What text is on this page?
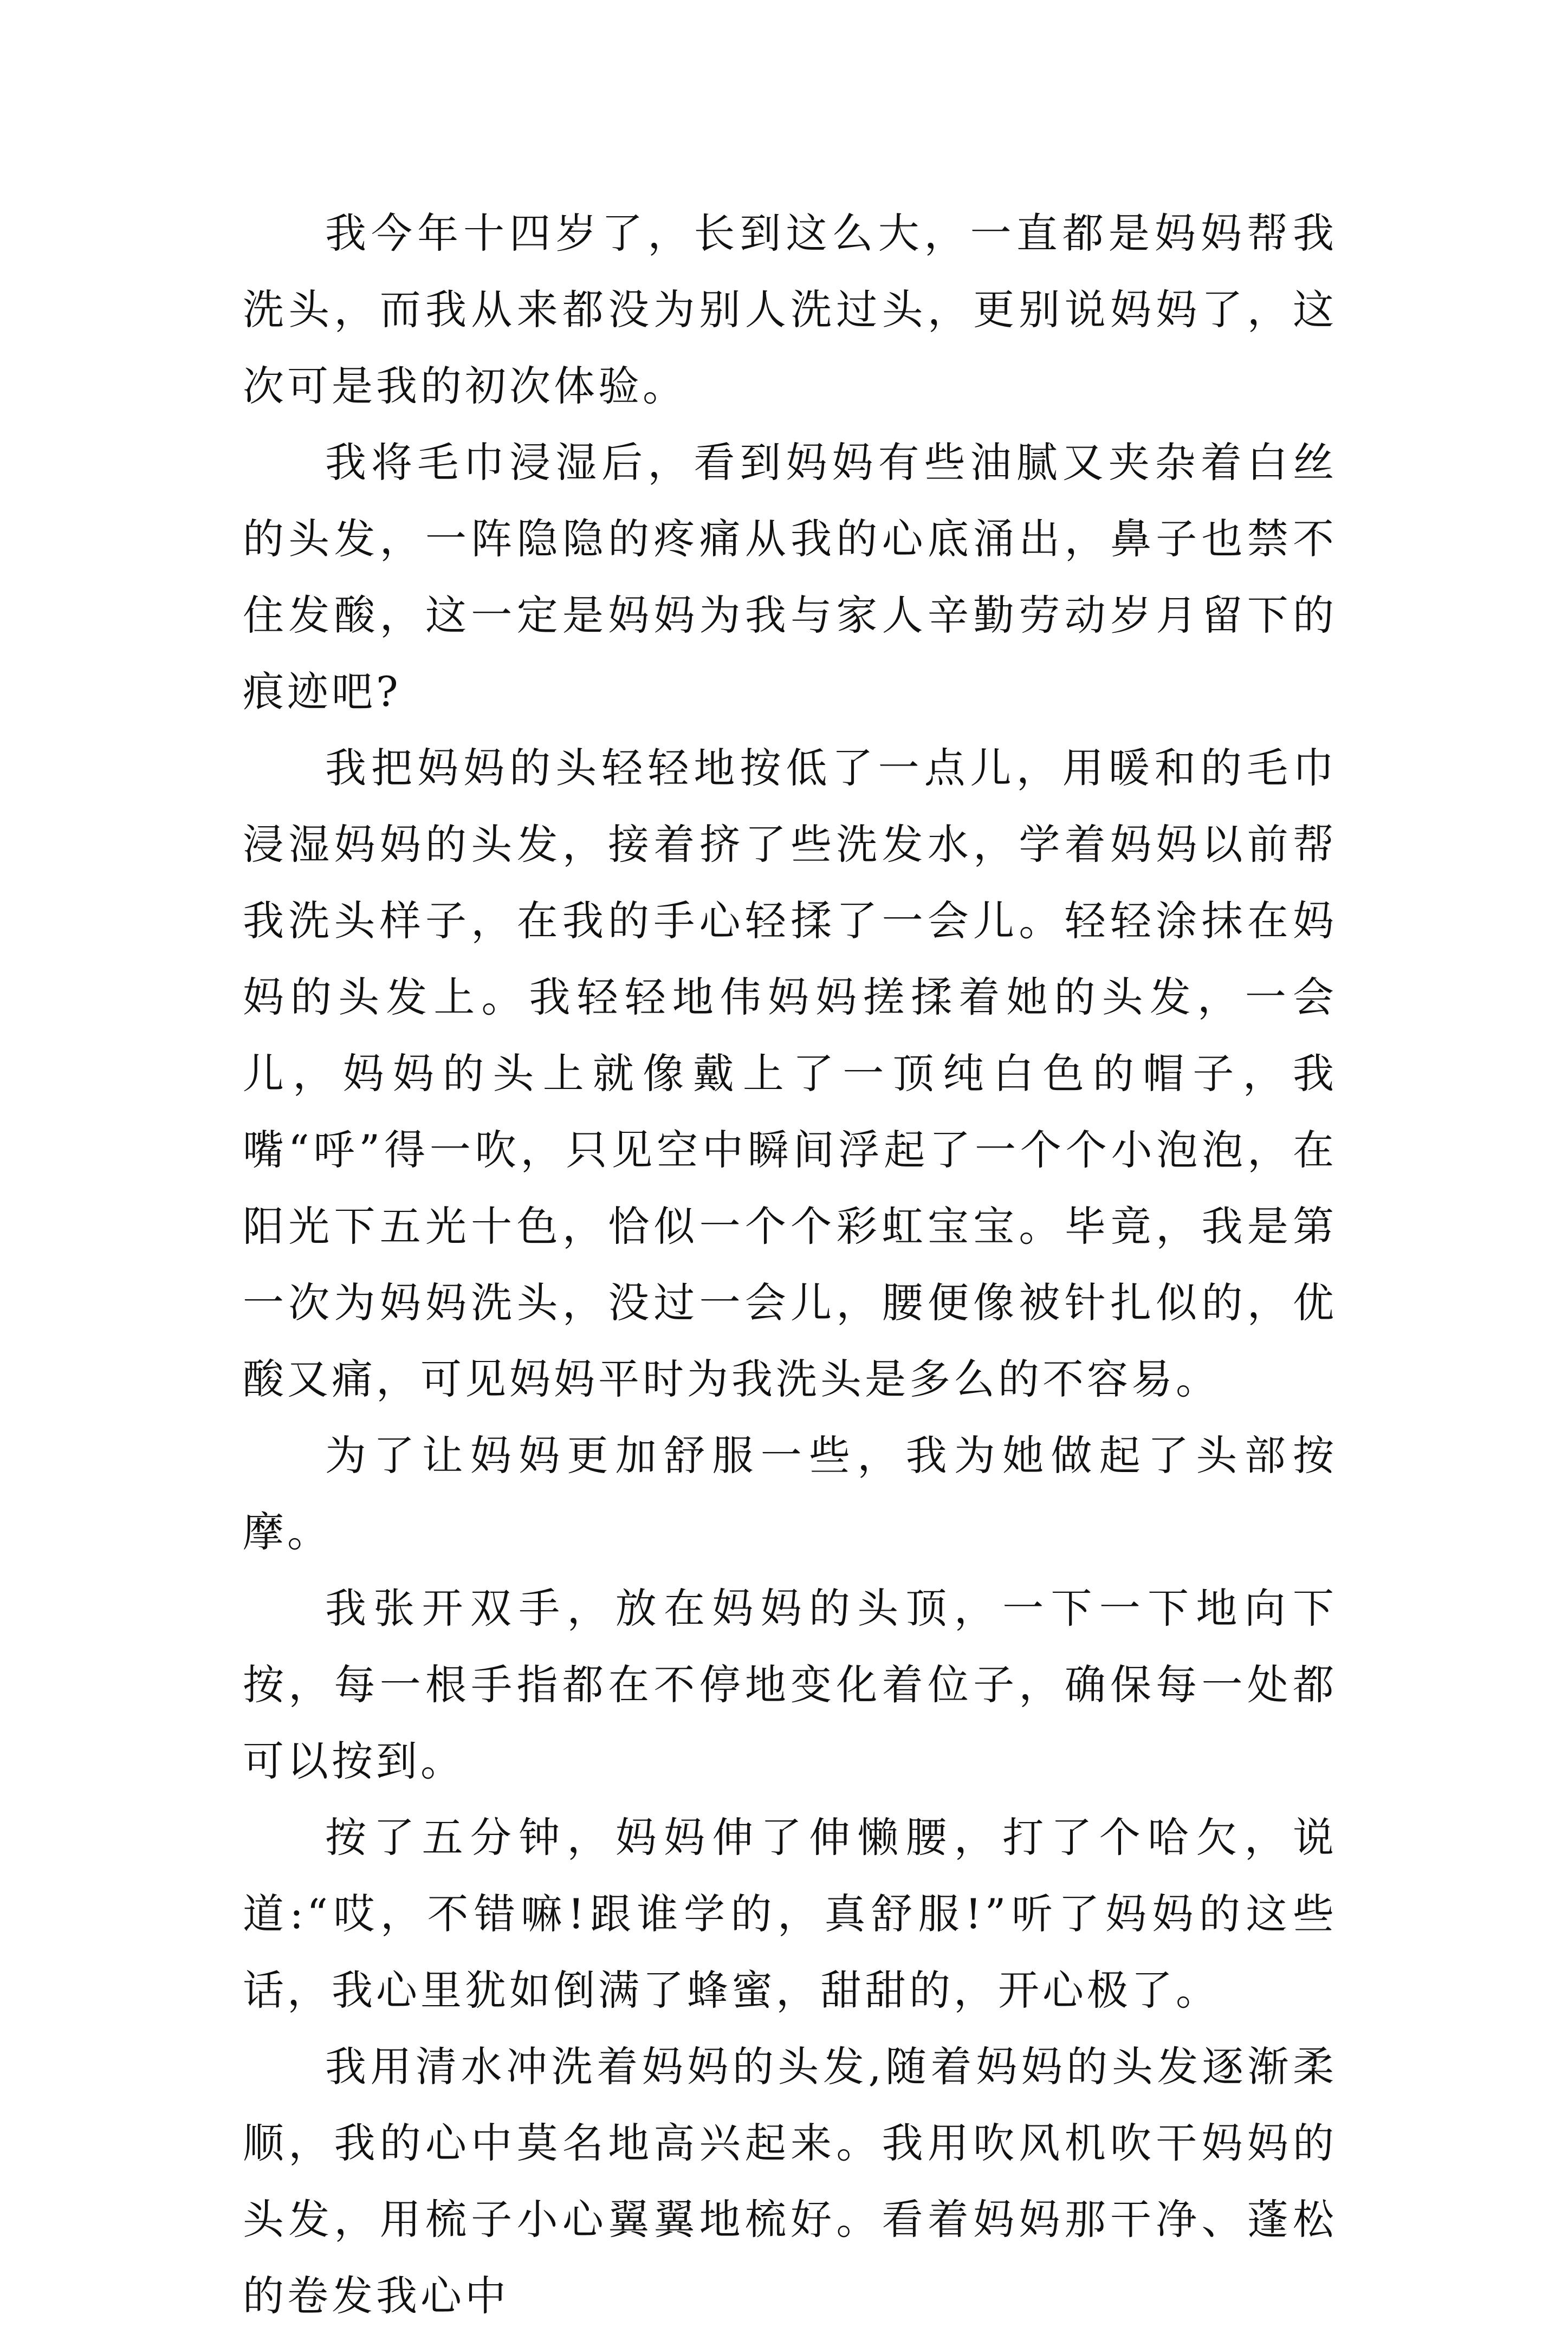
我今年十四岁了，长到这么大，一直都是妈妈帮我洗头，而我从来都没为别人洗过头，更别说妈妈了，这次可是我的初次体验。

我将毛巾浸湿后，看到妈妈有些油腻又夹杂着白丝的头发，一阵隐隐的疼痛从我的心底涌出，鼻子也禁不住发酸，这一定是妈妈为我与家人辛勤劳动岁月留下的痕迹吧?

我把妈妈的头轻轻地按低了一点儿，用暖和的毛巾浸湿妈妈的头发，接着挤了些洗发水，学着妈妈以前帮我洗头样子，在我的手心轻揉了一会儿。轻轻涂抹在妈妈的头发上。我轻轻地伟妈妈搓揉着她的头发，一会儿，妈妈的头上就像戴上了一顶纯白色的帽子，我嘴“呼”得一吹，只见空中瞬间浮起了一个个小泡泡，在阳光下五光十色，恰似一个个彩虹宝宝。毕竟，我是第一次为妈妈洗头，没过一会儿，腰便像被针扎似的，优酸又痛，可见妈妈平时为我洗头是多么的不容易。

为了让妈妈更加舒服一些，我为她做起了头部按摩。

我张开双手，放在妈妈的头顶，一下一下地向下按，每一根手指都在不停地变化着位子，确保每一处都可以按到。

按了五分钟，妈妈伸了伸懒腰，打了个哈欠，说道:“哎，不错嘛!跟谁学的，真舒服!”听了妈妈的这些话，我心里犹如倒满了蜂蜜，甜甜的，开心极了。

我用清水冲洗着妈妈的头发,随着妈妈的头发逐渐柔顺，我的心中莫名地高兴起来。我用吹风机吹干妈妈的头发，用梳子小心翼翼地梳好。看着妈妈那干净、蓬松的卷发我心中
